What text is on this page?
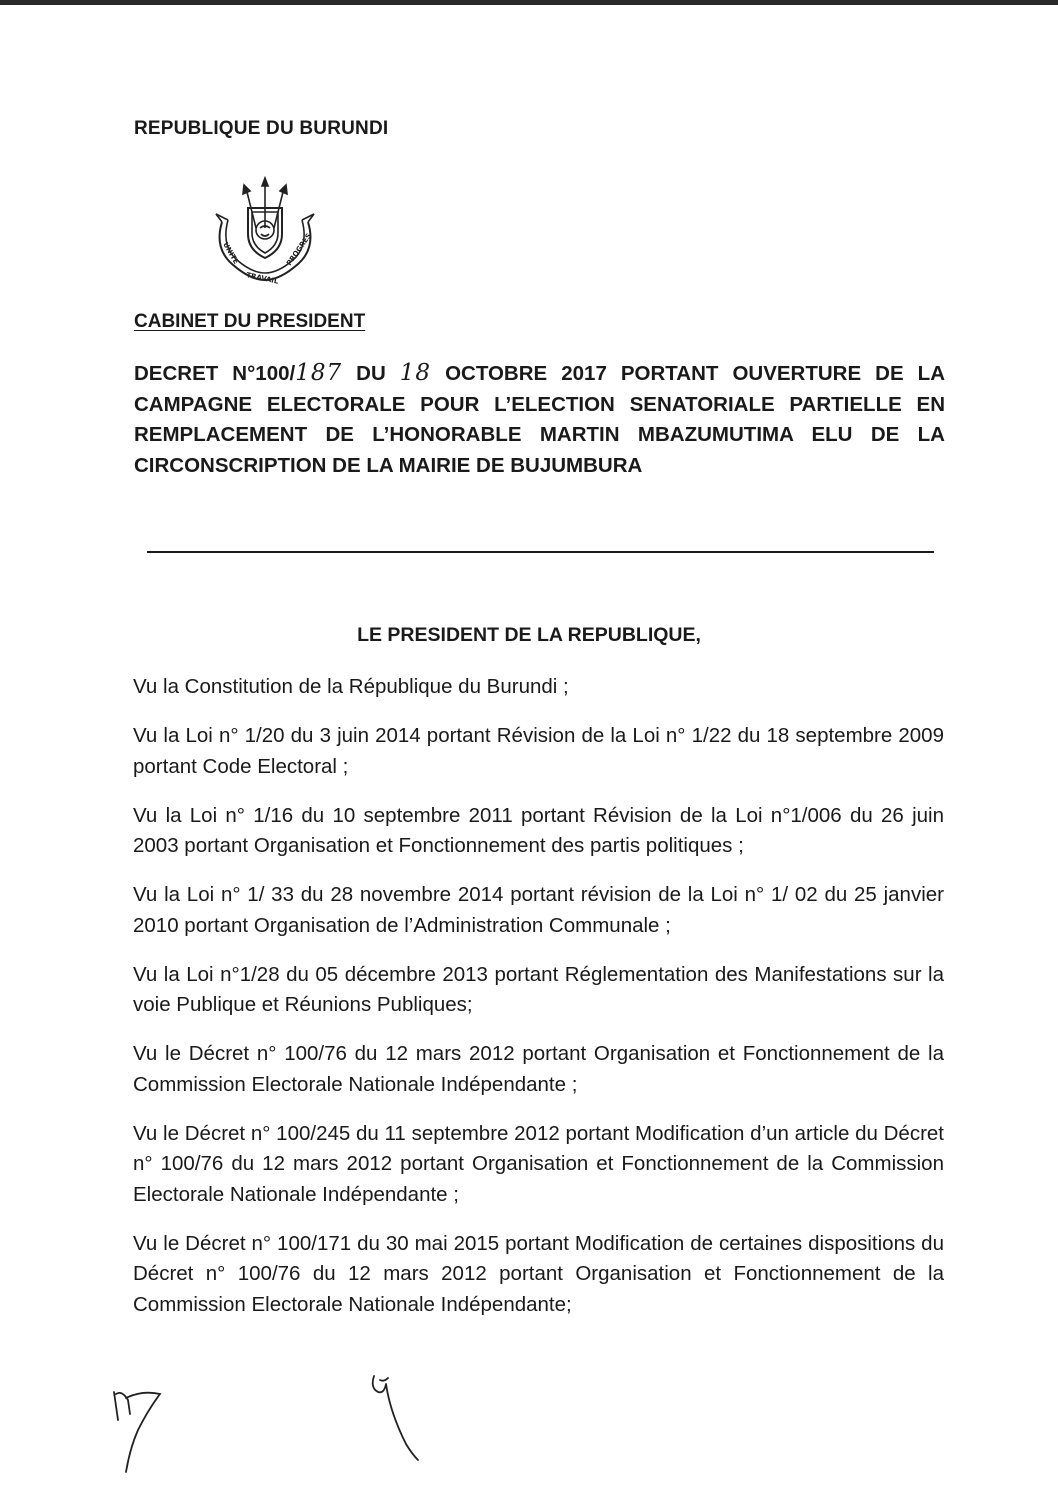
REPUBLIQUE DU BURUNDI
UNITE
TRAVAIL
PROGRES
CABINET DU PRESIDENT
DECRET N°100/187 DU 18 OCTOBRE 2017 PORTANT OUVERTURE DE LA CAMPAGNE ELECTORALE POUR L’ELECTION SENATORIALE PARTIELLE EN REMPLACEMENT DE L’HONORABLE MARTIN MBAZUMUTIMA ELU DE LA CIRCONSCRIPTION DE LA MAIRIE DE BUJUMBURA
LE PRESIDENT DE LA REPUBLIQUE,

Vu la Constitution de la République du Burundi ;

Vu la Loi n° 1/20 du 3 juin 2014 portant Révision de la Loi n° 1/22 du 18 septembre 2009 portant Code Electoral ;

Vu la Loi n° 1/16 du 10 septembre 2011 portant Révision de la Loi n°1/006 du 26 juin 2003 portant Organisation et Fonctionnement des partis politiques ;

Vu la Loi n° 1/ 33 du 28 novembre 2014 portant révision de la Loi n° 1/ 02 du 25 janvier 2010 portant Organisation de l’Administration Communale ;

Vu la Loi n°1/28 du 05 décembre 2013 portant Réglementation des Manifestations sur la voie Publique et Réunions Publiques;

Vu le Décret n° 100/76 du 12 mars 2012 portant Organisation et Fonctionnement de la Commission Electorale Nationale Indépendante ;

Vu le Décret n° 100/245 du 11 septembre 2012 portant Modification d’un article du Décret n° 100/76 du 12 mars 2012 portant Organisation et Fonctionnement de la Commission Electorale Nationale Indépendante ;

Vu le Décret n° 100/171 du 30 mai 2015 portant Modification de certaines dispositions du Décret n° 100/76 du 12 mars 2012 portant Organisation et Fonctionnement de la Commission Electorale Nationale Indépendante;
